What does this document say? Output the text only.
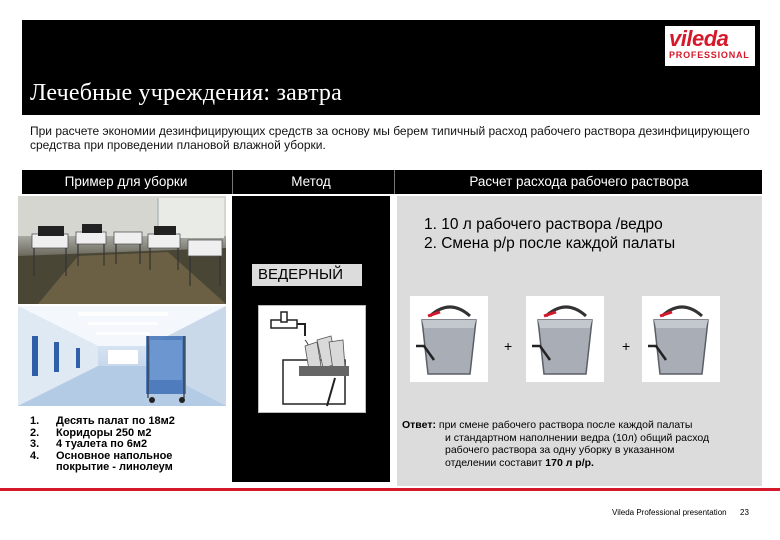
Лечебные учреждения: завтра
vileda
PROFESSIONAL
При расчете экономии дезинфицирующих средств за основу мы берем типичный расход рабочего раствора дезинфицирующего средства при проведении плановой влажной уборки.
Пример для уборки	Метод	Расчет расхода рабочего раствора
ВЕДЕРНЫЙ
1. 10 л рабочего раствора /ведро
2. Смена р/р после каждой палаты
+	+
Ответ: при смене рабочего раствора после каждой палаты
и стандартном наполнении ведра (10л) общий расход
рабочего раствора за одну уборку в указанном
отделении составит 170 л р/р.
1.	Десять палат по 18м2
2.	Коридоры 250 м2
3.	4 туалета по 6м2
4.	Основное напольное покрытие - линолеум
Vileda Professional presentation 23
